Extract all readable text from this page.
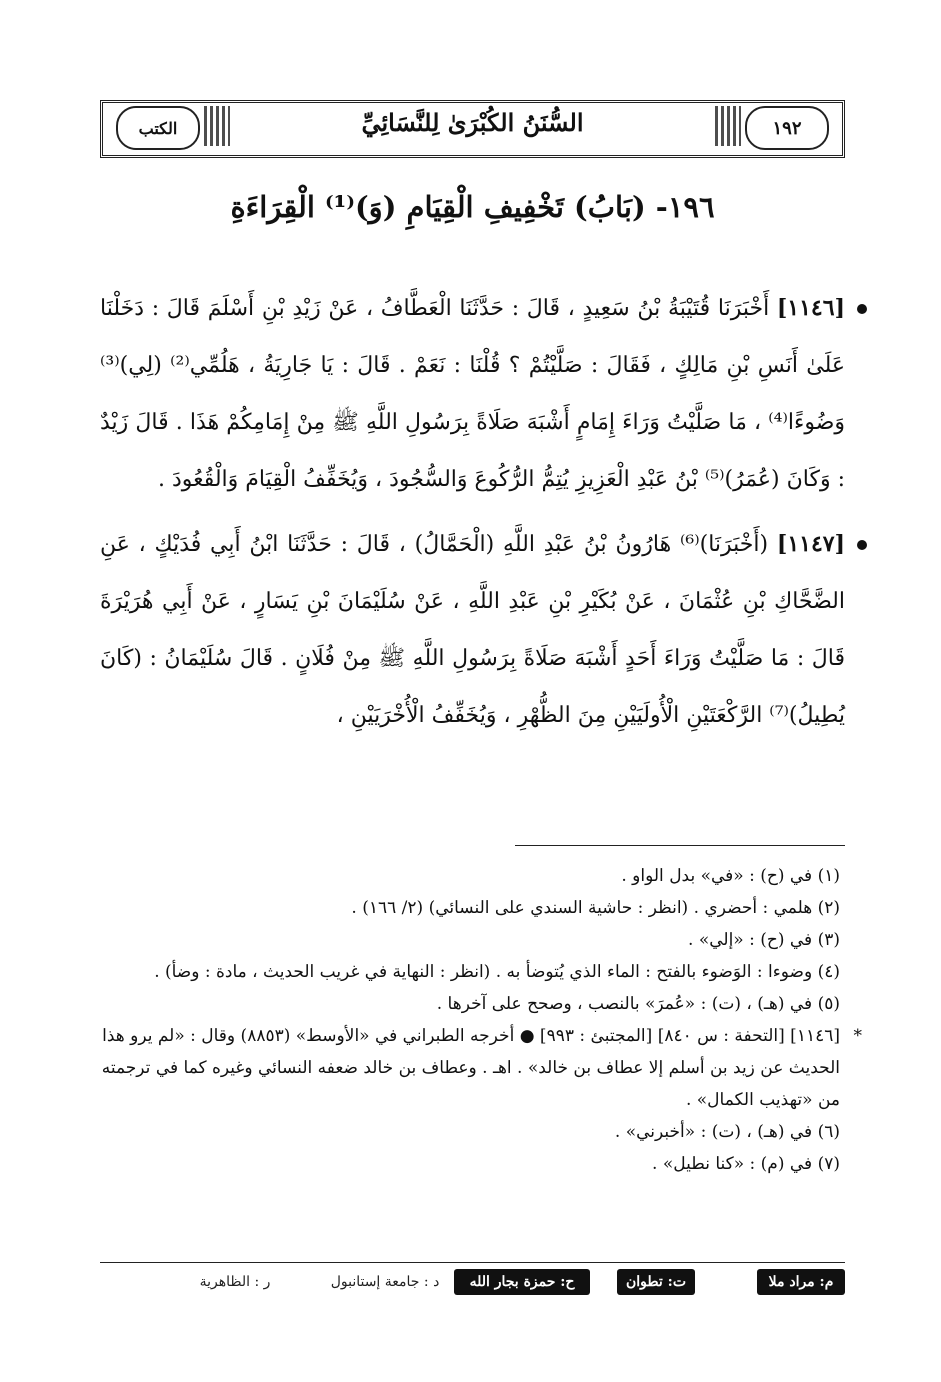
١٩٢
السُّنَنُ الكُبْرَىٰ لِلنَّسَائِيِّ
الكتب
١٩٦- (بَابُ) تَخْفِيفِ الْقِيَامِ (وَ)⁽¹⁾ الْقِرَاءَةِ

[١١٤٦] أَخْبَرَنَا قُتَيْبَةُ بْنُ سَعِيدٍ ، قَالَ : حَدَّثَنَا الْعَطَّافُ ، عَنْ زَيْدِ بْنِ أَسْلَمَ قَالَ : دَخَلْنَا عَلَىٰ أَنَسِ بْنِ مَالِكٍ ، فَقَالَ : صَلَّيْتُمْ ؟ قُلْنَا : نَعَمْ . قَالَ : يَا جَارِيَةُ ، هَلُمِّي⁽²⁾ (لِي)⁽³⁾ وَضُوءًا⁽⁴⁾ ، مَا صَلَّيْتُ وَرَاءَ إِمَامٍ أَشْبَهَ صَلَاةً بِرَسُولِ اللَّهِ ﷺ مِنْ إِمَامِكُمْ هَذَا . قَالَ زَيْدٌ : وَكَانَ (عُمَرُ)⁽⁵⁾ بْنُ عَبْدِ الْعَزِيزِ يُتِمُّ الرُّكُوعَ وَالسُّجُودَ ، وَيُخَفِّفُ الْقِيَامَ وَالْقُعُودَ .

[١١٤٧] (أَخْبَرَنَا)⁽⁶⁾ هَارُونُ بْنُ عَبْدِ اللَّهِ (الْحَمَّالُ) ، قَالَ : حَدَّثَنَا ابْنُ أَبِي فُدَيْكٍ ، عَنِ الضَّحَّاكِ بْنِ عُثْمَانَ ، عَنْ بُكَيْرِ بْنِ عَبْدِ اللَّهِ ، عَنْ سُلَيْمَانَ بْنِ يَسَارٍ ، عَنْ أَبِي هُرَيْرَةَ قَالَ : مَا صَلَّيْتُ وَرَاءَ أَحَدٍ أَشْبَهَ صَلَاةً بِرَسُولِ اللَّهِ ﷺ مِنْ فُلَانٍ . قَالَ سُلَيْمَانُ : (كَانَ يُطِيلُ)⁽⁷⁾ الرَّكْعَتَيْنِ الْأُولَيَيْنِ مِنَ الظُّهْرِ ، وَيُخَفِّفُ الْأُخْرَيَيْنِ ،

(١) في (ح) : «في» بدل الواو .

(٢) هلمي : أحضري . (انظر : حاشية السندي على النسائي) (٢/ ١٦٦) .

(٣) في (ح) : «إلي» .

(٤) وضوءا : الوَضوء بالفتح : الماء الذي يُتوضأ به . (انظر : النهاية في غريب الحديث ، مادة : وضأ) .

(٥) في (هـ) ، (ت) : «عُمرَ» بالنصب ، وصحح على آخرها .

*
[١١٤٦] [التحفة : س ٨٤٠] [المجتبئ : ٩٩٣] ● أخرجه الطبراني في «الأوسط» (٨٨٥٣) وقال : «لم يرو هذا الحديث عن زيد بن أسلم إلا عطاف بن خالد» . اهـ . وعطاف بن خالد ضعفه النسائي وغيره كما في ترجمته من «تهذيب الكمال» .

(٦) في (هـ) ، (ت) : «أخبرني» .

(٧) في (م) : «كنا نطيل» .

م: مراد ملا
ت: تطوان
ح: حمزة بجار الله
د : جامعة إستانبول
ر : الظاهرية
